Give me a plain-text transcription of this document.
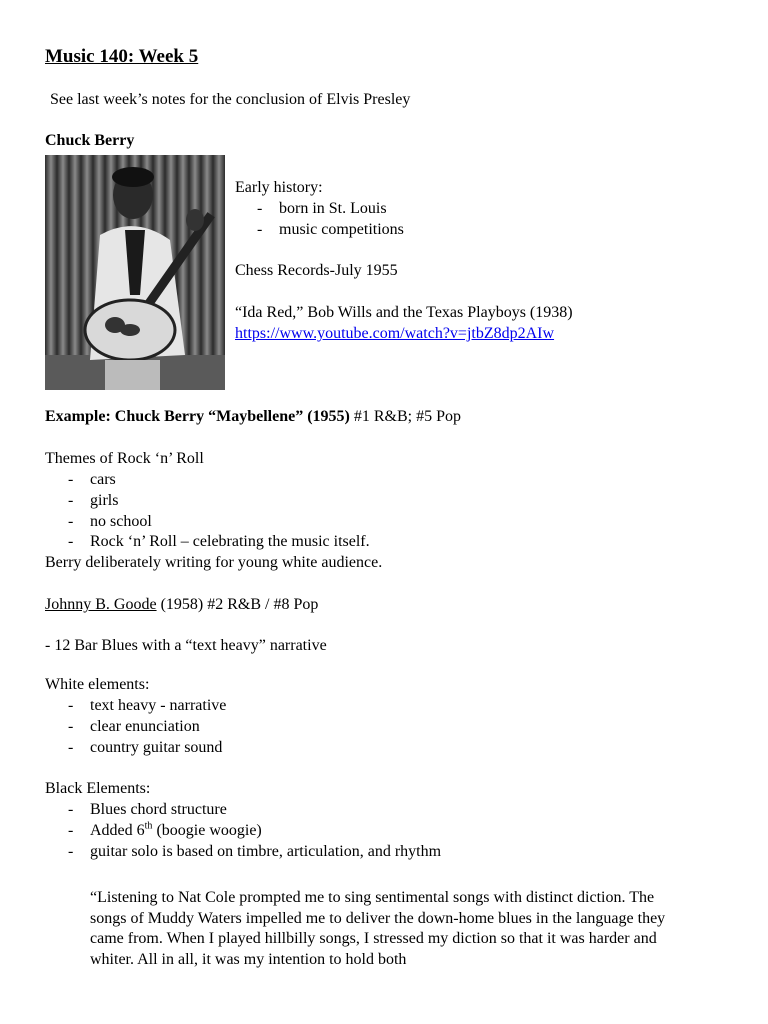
Music 140: Week 5
See last week’s notes for the conclusion of Elvis Presley
Chuck Berry
Early history:
- born in St. Louis
- music competitions
Chess Records-July 1955
“Ida Red,” Bob Wills and the Texas Playboys (1938)
https://www.youtube.com/watch?v=jtbZ8dp2AIw
Example: Chuck Berry “Maybellene” (1955) #1 R&B; #5 Pop
Themes of Rock ‘n’ Roll
- cars
- girls
- no school
- Rock ‘n’ Roll – celebrating the music itself.
Berry deliberately writing for young white audience.
Johnny B. Goode (1958) #2 R&B / #8 Pop
- 12 Bar Blues with a “text heavy” narrative
White elements:
- text heavy - narrative
- clear enunciation
- country guitar sound
Black Elements:
- Blues chord structure
- Added 6th (boogie woogie)
- guitar solo is based on timbre, articulation, and rhythm
“Listening to Nat Cole prompted me to sing sentimental songs with distinct diction. The songs of Muddy Waters impelled me to deliver the down-home blues in the language they came from. When I played hillbilly songs, I stressed my diction so that it was harder and whiter. All in all, it was my intention to hold both
